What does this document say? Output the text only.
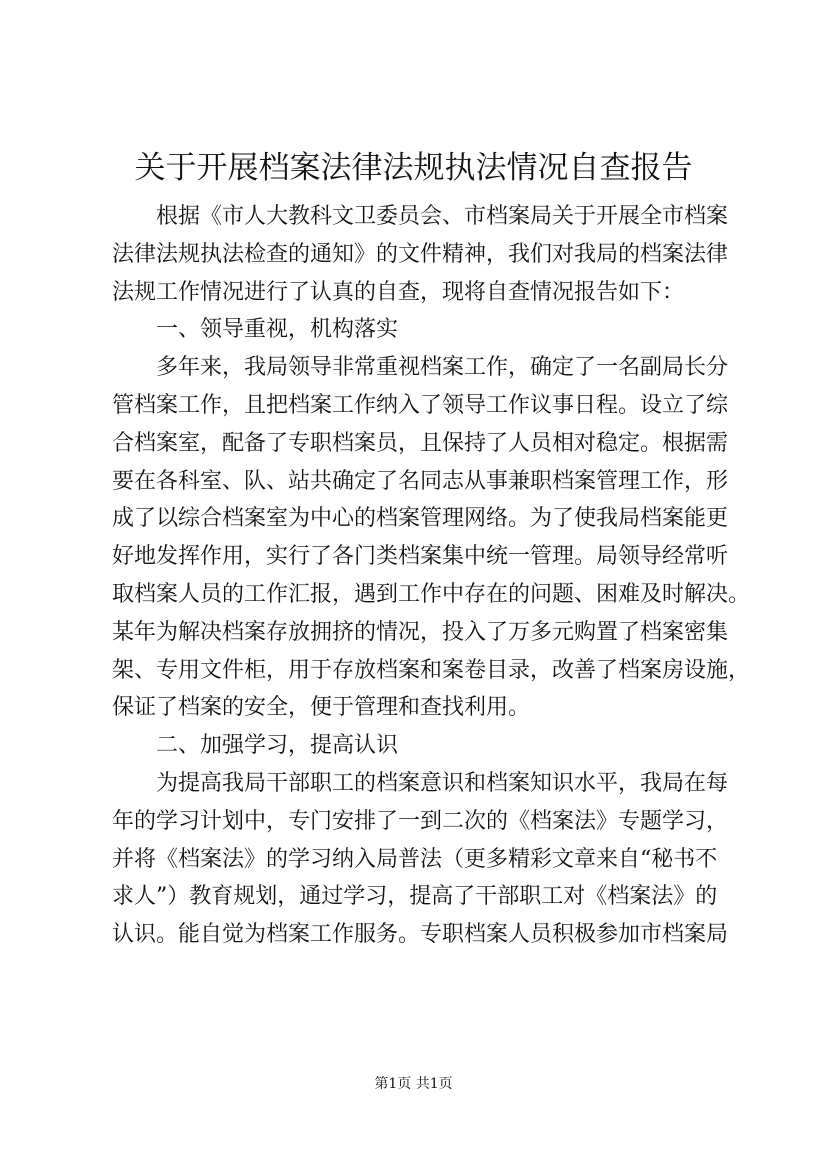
关于开展档案法律法规执法情况自查报告
根据《市人大教科文卫委员会、市档案局关于开展全市档案
法律法规执法检查的通知》的文件精神，我们对我局的档案法律
法规工作情况进行了认真的自查，现将自查情况报告如下：
一、领导重视，机构落实
多年来，我局领导非常重视档案工作，确定了一名副局长分
管档案工作，且把档案工作纳入了领导工作议事日程。设立了综
合档案室，配备了专职档案员，且保持了人员相对稳定。根据需
要在各科室、队、站共确定了名同志从事兼职档案管理工作，形
成了以综合档案室为中心的档案管理网络。为了使我局档案能更
好地发挥作用，实行了各门类档案集中统一管理。局领导经常听
取档案人员的工作汇报，遇到工作中存在的问题、困难及时解决。
某年为解决档案存放拥挤的情况，投入了万多元购置了档案密集
架、专用文件柜，用于存放档案和案卷目录，改善了档案房设施，
保证了档案的安全，便于管理和查找利用。
二、加强学习，提高认识
为提高我局干部职工的档案意识和档案知识水平，我局在每
年的学习计划中，专门安排了一到二次的《档案法》专题学习，
并将《档案法》的学习纳入局普法（更多精彩文章来自“秘书不
求人”）教育规划，通过学习，提高了干部职工对《档案法》的
认识。能自觉为档案工作服务。专职档案人员积极参加市档案局
第1页 共1页
